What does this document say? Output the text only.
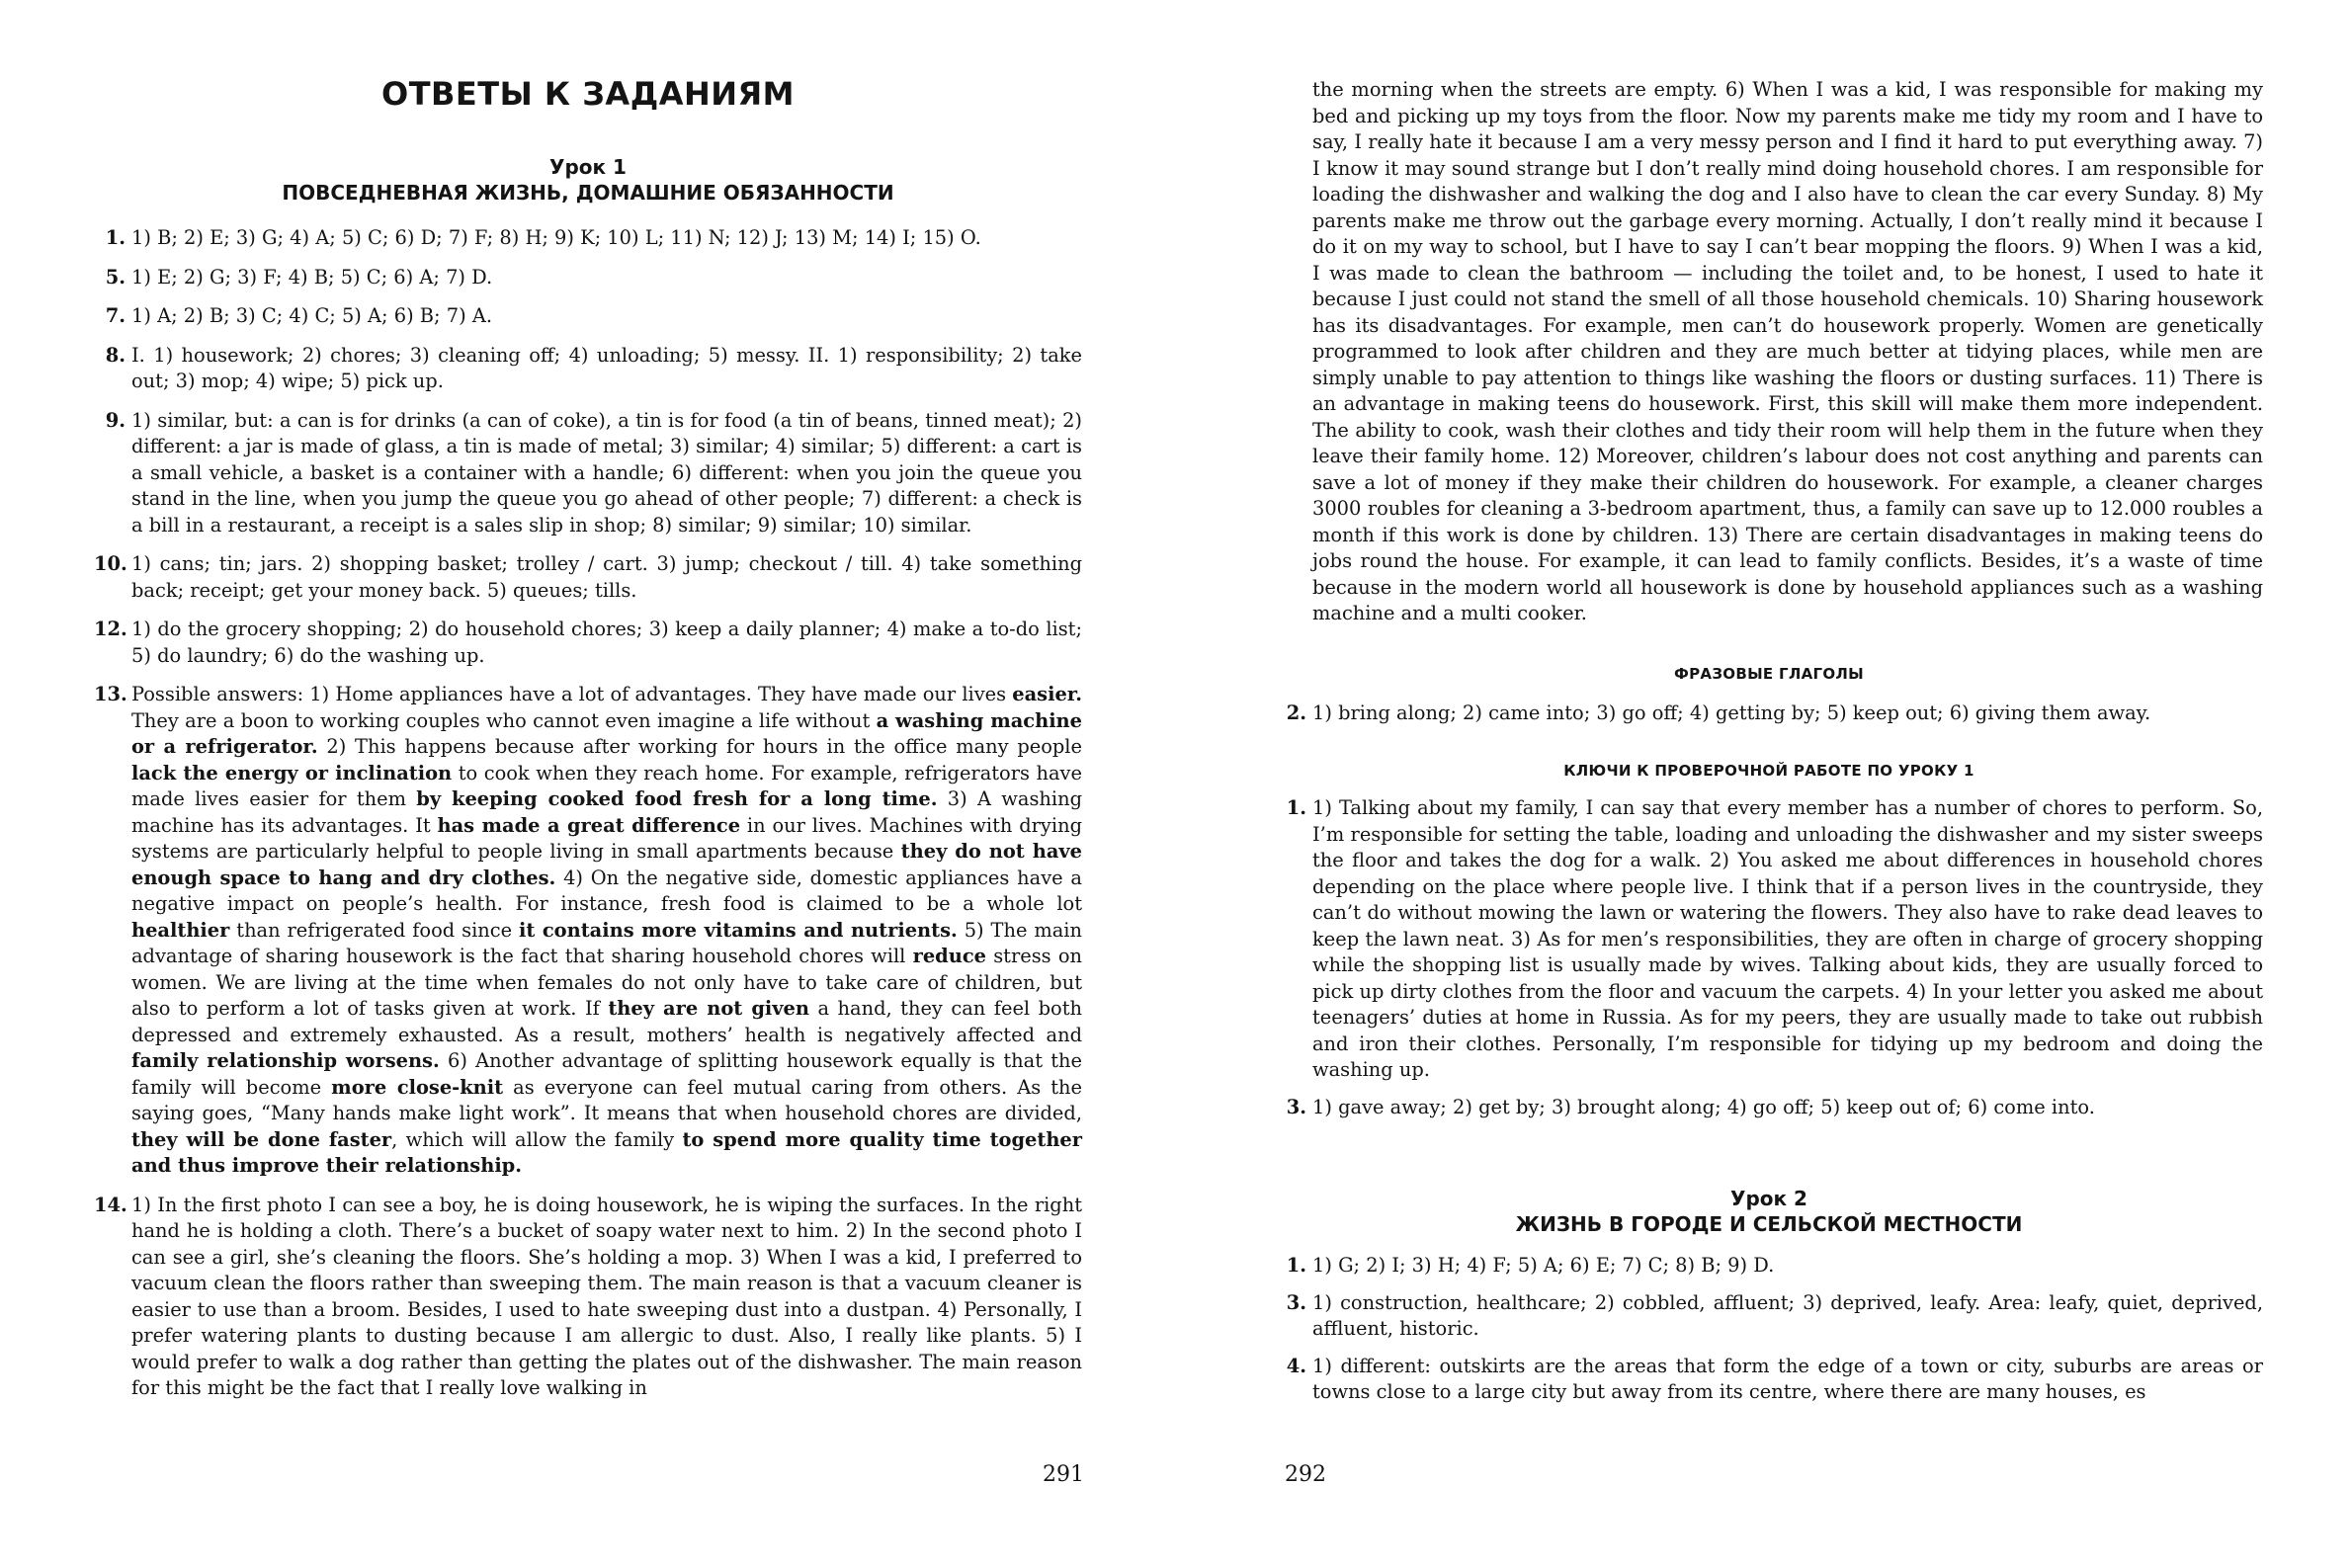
ОТВЕТЫ К ЗАДАНИЯМ
Урок 1
ПОВСЕДНЕВНАЯ ЖИЗНЬ, ДОМАШНИЕ ОБЯЗАННОСТИ
1. 1) B; 2) E; 3) G; 4) A; 5) C; 6) D; 7) F; 8) H; 9) K; 10) L; 11) N; 12) J; 13) M; 14) I; 15) O.
5. 1) E; 2) G; 3) F; 4) B; 5) C; 6) A; 7) D.
7. 1) A; 2) B; 3) C; 4) C; 5) A; 6) B; 7) A.
8. I. 1) housework; 2) chores; 3) cleaning off; 4) unloading; 5) messy. II. 1) responsibility; 2) take out; 3) mop; 4) wipe; 5) pick up.
9. 1) similar, but: a can is for drinks (a can of coke), a tin is for food (a tin of beans, tinned meat); 2) different: a jar is made of glass, a tin is made of metal; 3) similar; 4) similar; 5) different: a cart is a small vehicle, a basket is a container with a handle; 6) different: when you join the queue you stand in the line, when you jump the queue you go ahead of other people; 7) different: a check is a bill in a restaurant, a receipt is a sales slip in shop; 8) similar; 9) similar; 10) similar.
10. 1) cans; tin; jars. 2) shopping basket; trolley / cart. 3) jump; checkout / till. 4) take something back; receipt; get your money back. 5) queues; tills.
12. 1) do the grocery shopping; 2) do household chores; 3) keep a daily planner; 4) make a to-do list; 5) do laundry; 6) do the washing up.
13. Possible answers: 1) Home appliances have a lot of advantages. They have made our lives easier. They are a boon to working couples who cannot even imagine a life without a washing machine or a refrigerator. 2) This happens because after working for hours in the office many people lack the energy or inclination to cook when they reach home. For example, refrigerators have made lives easier for them by keeping cooked food fresh for a long time. 3) A washing machine has its advantages. It has made a great difference in our lives. Machines with drying systems are particularly helpful to people living in small apartments because they do not have enough space to hang and dry clothes. 4) On the negative side, domestic appliances have a negative impact on people’s health. For instance, fresh food is claimed to be a whole lot healthier than refrigerated food since it contains more vitamins and nutrients. 5) The main advantage of sharing housework is the fact that sharing household chores will reduce stress on women. We are living at the time when females do not only have to take care of children, but also to perform a lot of tasks given at work. If they are not given a hand, they can feel both depressed and extremely exhausted. As a result, mothers’ health is negatively affected and family relationship worsens. 6) Another advantage of splitting housework equally is that the family will become more close-knit as everyone can feel mutual caring from others. As the saying goes, “Many hands make light work”. It means that when household chores are divided, they will be done faster, which will allow the family to spend more quality time together and thus improve their relationship.
14. 1) In the first photo I can see a boy, he is doing housework, he is wiping the surfaces. In the right hand he is holding a cloth. There’s a bucket of soapy water next to him. 2) In the second photo I can see a girl, she’s cleaning the floors. She’s holding a mop. 3) When I was a kid, I preferred to vacuum clean the floors rather than sweeping them. The main reason is that a vacuum cleaner is easier to use than a broom. Besides, I used to hate sweeping dust into a dustpan. 4) Personally, I prefer watering plants to dusting because I am allergic to dust. Also, I really like plants. 5) I would prefer to walk a dog rather than getting the plates out of the dishwasher. The main reason for this might be the fact that I really love walking in
291
the morning when the streets are empty. 6) When I was a kid, I was responsible for making my bed and picking up my toys from the floor. Now my parents make me tidy my room and I have to say, I really hate it because I am a very messy person and I find it hard to put everything away. 7) I know it may sound strange but I don’t really mind doing household chores. I am responsible for loading the dishwasher and walking the dog and I also have to clean the car every Sunday. 8) My parents make me throw out the garbage every morning. Actually, I don’t really mind it because I do it on my way to school, but I have to say I can’t bear mopping the floors. 9) When I was a kid, I was made to clean the bathroom — including the toilet and, to be honest, I used to hate it because I just could not stand the smell of all those household chemicals. 10) Sharing housework has its disadvantages. For example, men can’t do housework properly. Women are genetically programmed to look after children and they are much better at tidying places, while men are simply unable to pay attention to things like washing the floors or dusting surfaces. 11) There is an advantage in making teens do housework. First, this skill will make them more independent. The ability to cook, wash their clothes and tidy their room will help them in the future when they leave their family home. 12) Moreover, children’s labour does not cost anything and parents can save a lot of money if they make their children do housework. For example, a cleaner charges 3000 roubles for cleaning a 3-bedroom apartment, thus, a family can save up to 12.000 roubles a month if this work is done by children. 13) There are certain disadvantages in making teens do jobs round the house. For example, it can lead to family conflicts. Besides, it’s a waste of time because in the modern world all housework is done by household appliances such as a washing machine and a multi cooker.
ФРАЗОВЫЕ ГЛАГОЛЫ
2. 1) bring along; 2) came into; 3) go off; 4) getting by; 5) keep out; 6) giving them away.
КЛЮЧИ К ПРОВЕРОЧНОЙ РАБОТЕ ПО УРОКУ 1
1. 1) Talking about my family, I can say that every member has a number of chores to perform. So, I’m responsible for setting the table, loading and unloading the dishwasher and my sister sweeps the floor and takes the dog for a walk. 2) You asked me about differences in household chores depending on the place where people live. I think that if a person lives in the countryside, they can’t do without mowing the lawn or watering the flowers. They also have to rake dead leaves to keep the lawn neat. 3) As for men’s responsibilities, they are often in charge of grocery shopping while the shopping list is usually made by wives. Talking about kids, they are usually forced to pick up dirty clothes from the floor and vacuum the carpets. 4) In your letter you asked me about teenagers’ duties at home in Russia. As for my peers, they are usually made to take out rubbish and iron their clothes. Personally, I’m responsible for tidying up my bedroom and doing the washing up.
3. 1) gave away; 2) get by; 3) brought along; 4) go off; 5) keep out of; 6) come into.
Урок 2
ЖИЗНЬ В ГОРОДЕ И СЕЛЬСКОЙ МЕСТНОСТИ
1. 1) G; 2) I; 3) H; 4) F; 5) A; 6) E; 7) C; 8) B; 9) D.
3. 1) construction, healthcare; 2) cobbled, affluent; 3) deprived, leafy. Area: leafy, quiet, deprived, affluent, historic.
4. 1) different: outskirts are the areas that form the edge of a town or city, suburbs are areas or towns close to a large city but away from its centre, where there are many houses, es
292
